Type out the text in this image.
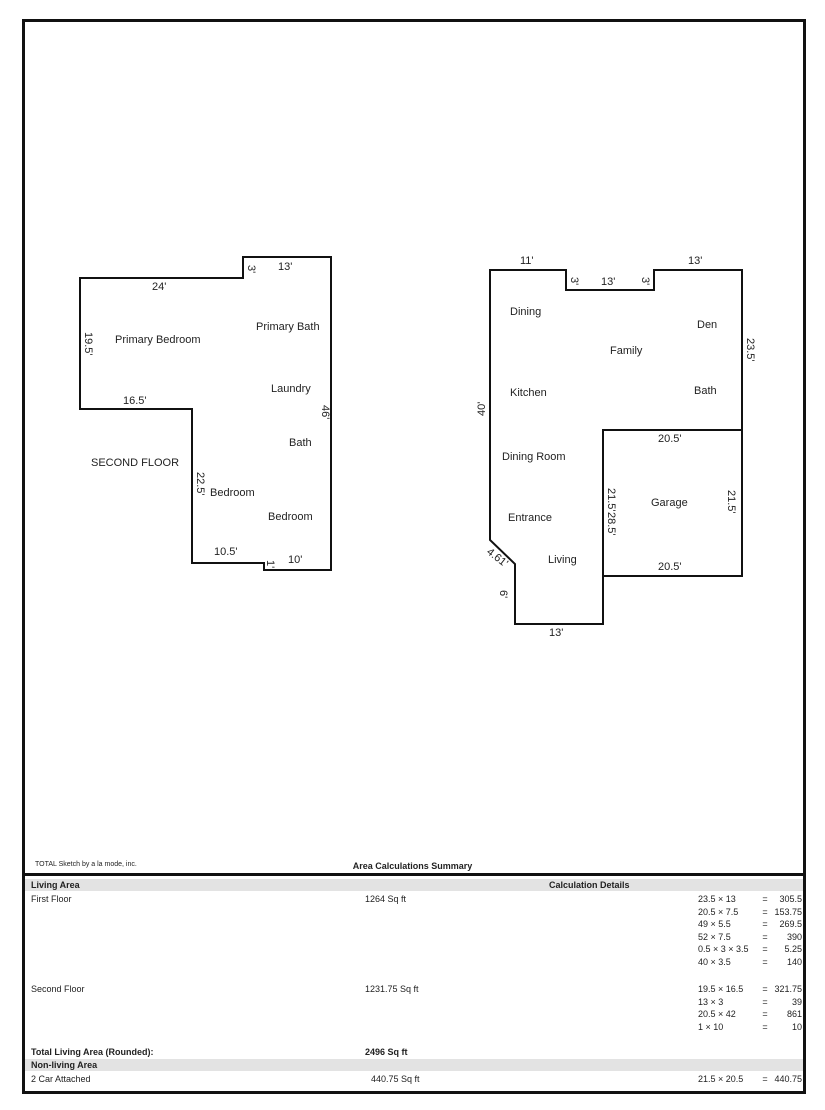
SECOND FLOOR
Primary Bedroom
Primary Bath
Laundry
Bath
Bedroom
Bedroom
24'
3' 13'
19.5'
16.5'
46'
22.5'
10.5'
1' 10'
Dining
Den
Family
Kitchen	Bath
Dining Room
Garage
Entrance
Living
11'
3' 13' 3'
13'
23.5'
40'
20.5'
21.5'
28.5'
21.5'
4.61'
6'
20.5'
13'
TOTAL Sketch by a la mode, inc.	Area Calculations Summary
Living Area	Calculation Details
First Floor	1264 Sq ft	23.5 × 13	=	305.5
20.5 × 7.5	= 153.75
49 × 5.5	=	269.5
52 × 7.5	=	390
0.5 × 3 × 3.5 =	5.25
40 × 3.5	=	140
Second Floor	1231.75 Sq ft	19.5 × 16.5 = 321.75
13 × 3	=	39
20.5 × 42	=	861
1 × 10	=	10
Total Living Area (Rounded):	2496 Sq ft
Non-living Area
2 Car Attached	440.75 Sq ft	21.5 × 20.5 = 440.75
